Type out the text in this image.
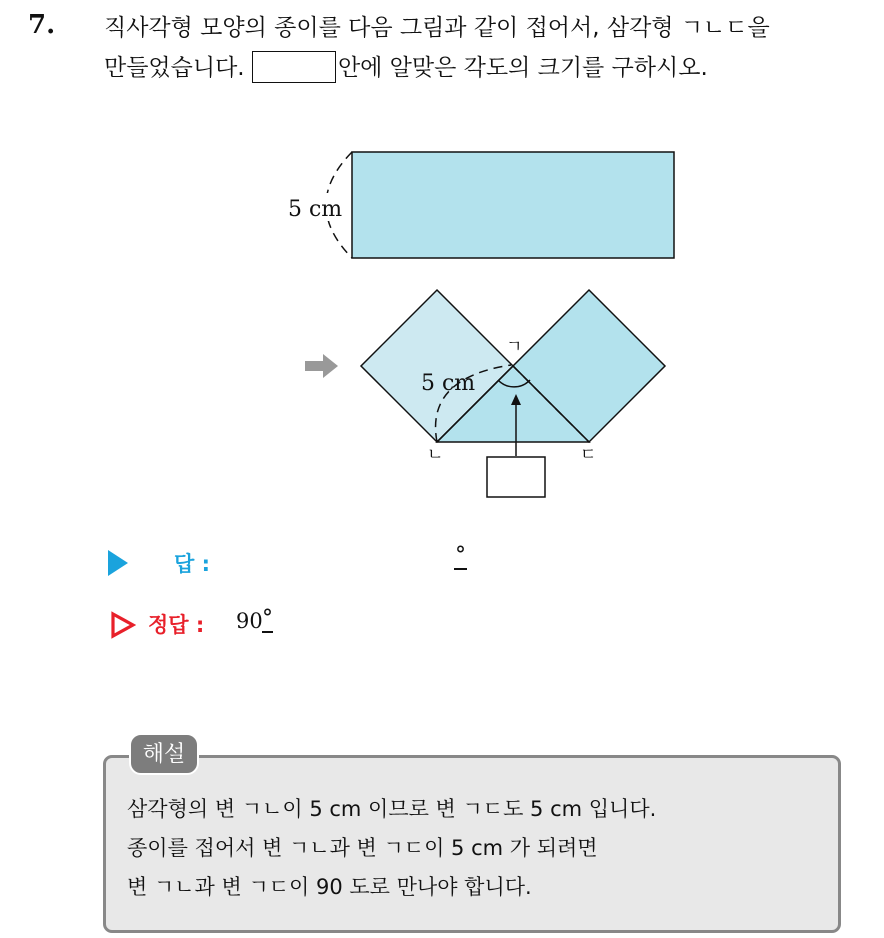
7. 직사각형 모양의 종이를 다음 그림과 같이 접어서, 삼각형 ㄱㄴㄷ을
만들었습니다.	안에 알맞은 각도의 크기를 구하시오.
5 cm
5 cm
ㄱ
ㄴ	ㄷ
답 :	°
정답 : 90 °
해설
삼각형의 변 ㄱㄴ이 5 cm 이므로 변 ㄱㄷ도 5 cm 입니다.
종이를 접어서 변 ㄱㄴ과 변 ㄱㄷ이 5 cm 가 되려면
변 ㄱㄴ과 변 ㄱㄷ이 90 도로 만나야 합니다.
